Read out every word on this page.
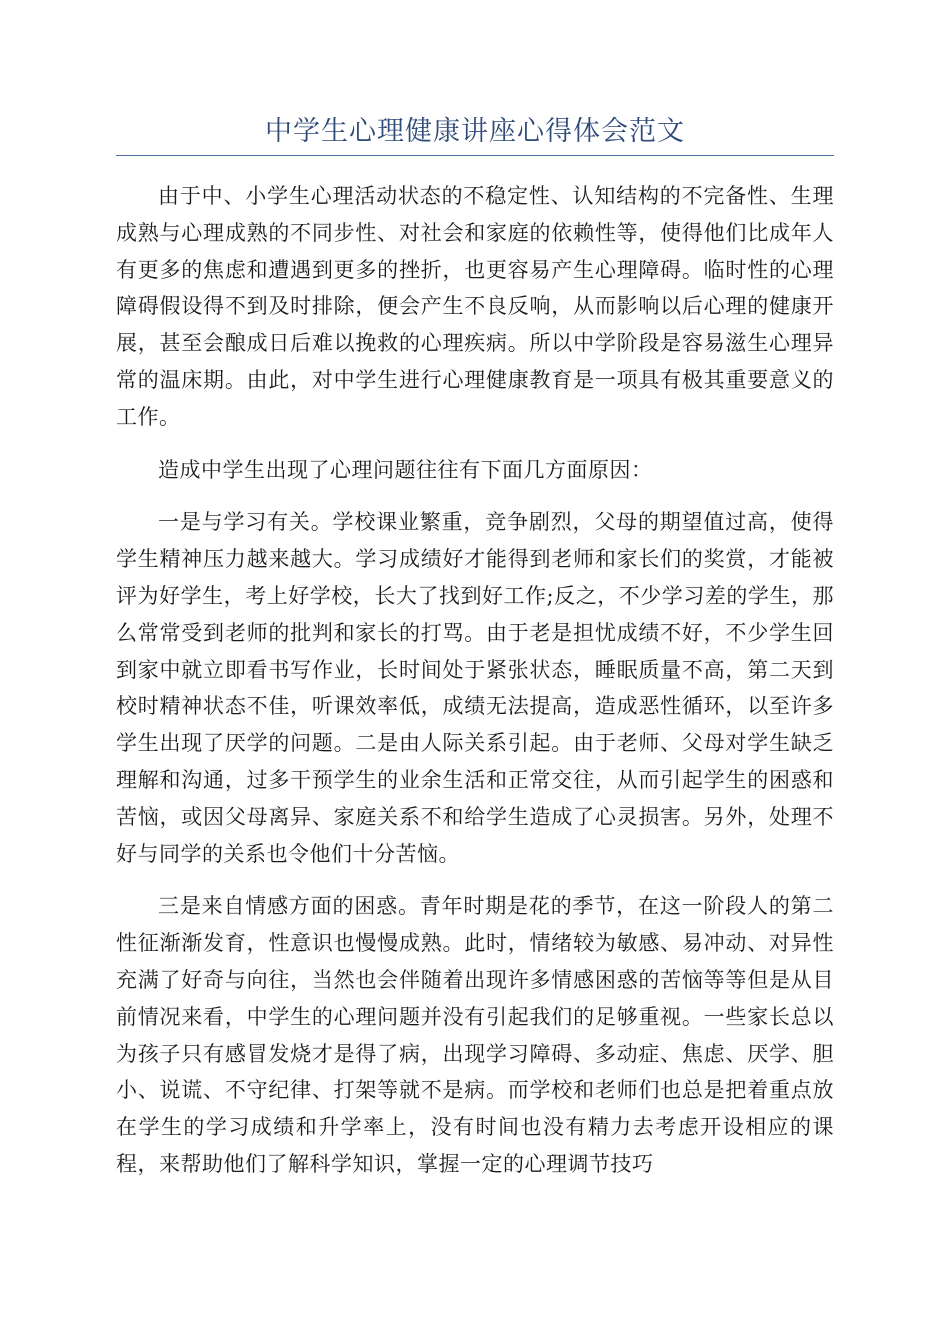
中学生心理健康讲座心得体会范文

由于中、小学生心理活动状态的不稳定性、认知结构的不完备性、生理成熟与心理成熟的不同步性、对社会和家庭的依赖性等，使得他们比成年人有更多的焦虑和遭遇到更多的挫折，也更容易产生心理障碍。临时性的心理障碍假设得不到及时排除，便会产生不良反响，从而影响以后心理的健康开展，甚至会酿成日后难以挽救的心理疾病。所以中学阶段是容易滋生心理异常的温床期。由此，对中学生进行心理健康教育是一项具有极其重要意义的工作。

造成中学生出现了心理问题往往有下面几方面原因：

一是与学习有关。学校课业繁重，竞争剧烈，父母的期望值过高，使得学生精神压力越来越大。学习成绩好才能得到老师和家长们的奖赏，才能被评为好学生，考上好学校，长大了找到好工作;反之，不少学习差的学生，那么常常受到老师的批判和家长的打骂。由于老是担忧成绩不好，不少学生回到家中就立即看书写作业，长时间处于紧张状态，睡眠质量不高，第二天到校时精神状态不佳，听课效率低，成绩无法提高，造成恶性循环，以至许多学生出现了厌学的问题。二是由人际关系引起。由于老师、父母对学生缺乏理解和沟通，过多干预学生的业余生活和正常交往，从而引起学生的困惑和苦恼，或因父母离异、家庭关系不和给学生造成了心灵损害。另外，处理不好与同学的关系也令他们十分苦恼。

三是来自情感方面的困惑。青年时期是花的季节，在这一阶段人的第二性征渐渐发育，性意识也慢慢成熟。此时，情绪较为敏感、易冲动、对异性充满了好奇与向往，当然也会伴随着出现许多情感困惑的苦恼等等但是从目前情况来看，中学生的心理问题并没有引起我们的足够重视。一些家长总以为孩子只有感冒发烧才是得了病，出现学习障碍、多动症、焦虑、厌学、胆小、说谎、不守纪律、打架等就不是病。而学校和老师们也总是把着重点放在学生的学习成绩和升学率上，没有时间也没有精力去考虑开设相应的课程，来帮助他们了解科学知识，掌握一定的心理调节技巧
